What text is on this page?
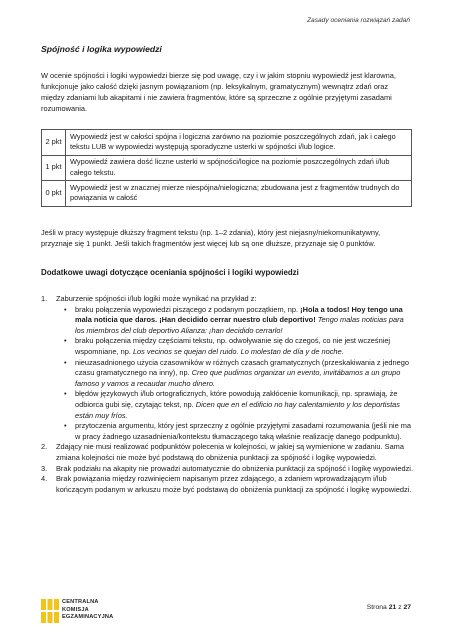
Zasady oceniania rozwiązań zadań
Spójność i logika wypowiedzi
W ocenie spójności i logiki wypowiedzi bierze się pod uwagę, czy i w jakim stopniu wypowiedź jest klarowna, funkcjonuje jako całość dzięki jasnym powiązaniom (np. leksykalnym, gramatycznym) wewnątrz zdań oraz między zdaniami lub akapitami i nie zawiera fragmentów, które są sprzeczne z ogólnie przyjętymi zasadami rozumowania.
2 pkt	Wypowiedź jest w całości spójna i logiczna zarówno na poziomie poszczególnych zdań, jak i całego tekstu LUB w wypowiedzi występują sporadyczne usterki w spójności i/lub logice.
1 pkt	Wypowiedź zawiera dość liczne usterki w spójności/logice na poziomie poszczególnych zdań i/lub całego tekstu.
0 pkt	Wypowiedź jest w znacznej mierze niespójna/nielogiczna; zbudowana jest z fragmentów trudnych do powiązania w całość
Jeśli w pracy występuje dłuższy fragment tekstu (np. 1–2 zdania), który jest niejasny/niekomunikatywny, przyznaje się 1 punkt. Jeśli takich fragmentów jest więcej lub są one dłuższe, przyznaje się 0 punktów.
Dodatkowe uwagi dotyczące oceniania spójności i logiki wypowiedzi
1. Zaburzenie spójności i/lub logiki może wynikać na przykład z:
• braku połączenia wypowiedzi piszącego z podanym początkiem, np. ¡Hola a todos! Hoy tengo una mala noticia que daros. ¡Han decidido cerrar nuestro club deportivo! Tengo malas noticias para los miembros del club deportivo Alianza: ¡han decidido cerrarlo!
• braku połączenia między częściami tekstu, np. odwoływanie się do czegoś, co nie jest wcześniej wspomniane, np. Los vecinos se quejan del ruido. Lo molestan de día y de noche.
• nieuzasadnionego użycia czasowników w różnych czasach gramatycznych (przeskakiwania z jednego czasu gramatycznego na inny), np. Creo que pudimos organizar un evento, invitábamos a un grupo famoso y vamos a recaudar mucho dinero.
• błędów językowych i/lub ortograficznych, które powodują zakłócenie komunikacji, np. sprawiają, że odbiorca gubi się, czytając tekst, np. Dicen que en el edificio no hay calentamiento y los deportistas están muy fríos.
• przytoczenia argumentu, który jest sprzeczny z ogólnie przyjętymi zasadami rozumowania (jeśli nie ma w pracy żadnego uzasadnienia/kontekstu tłumaczącego taką właśnie realizację danego podpunktu).
2. Zdający nie musi realizować podpunktów polecenia w kolejności, w jakiej są wymienione w zadaniu. Sama zmiana kolejności nie może być podstawą do obniżenia punktacji za spójność i logikę wypowiedzi.
3. Brak podziału na akapity nie prowadzi automatycznie do obniżenia punktacji za spójność i logikę wypowiedzi.
4. Brak powiązania między rozwinięciem napisanym przez zdającego, a zdaniem wprowadzającym i/lub kończącym podanym w arkuszu może być podstawą do obniżenia punktacji za spójność i logikę wypowiedzi.
CENTRALNA
KOMISJA
EGZAMINACYJNA
Strona 21 z 27
